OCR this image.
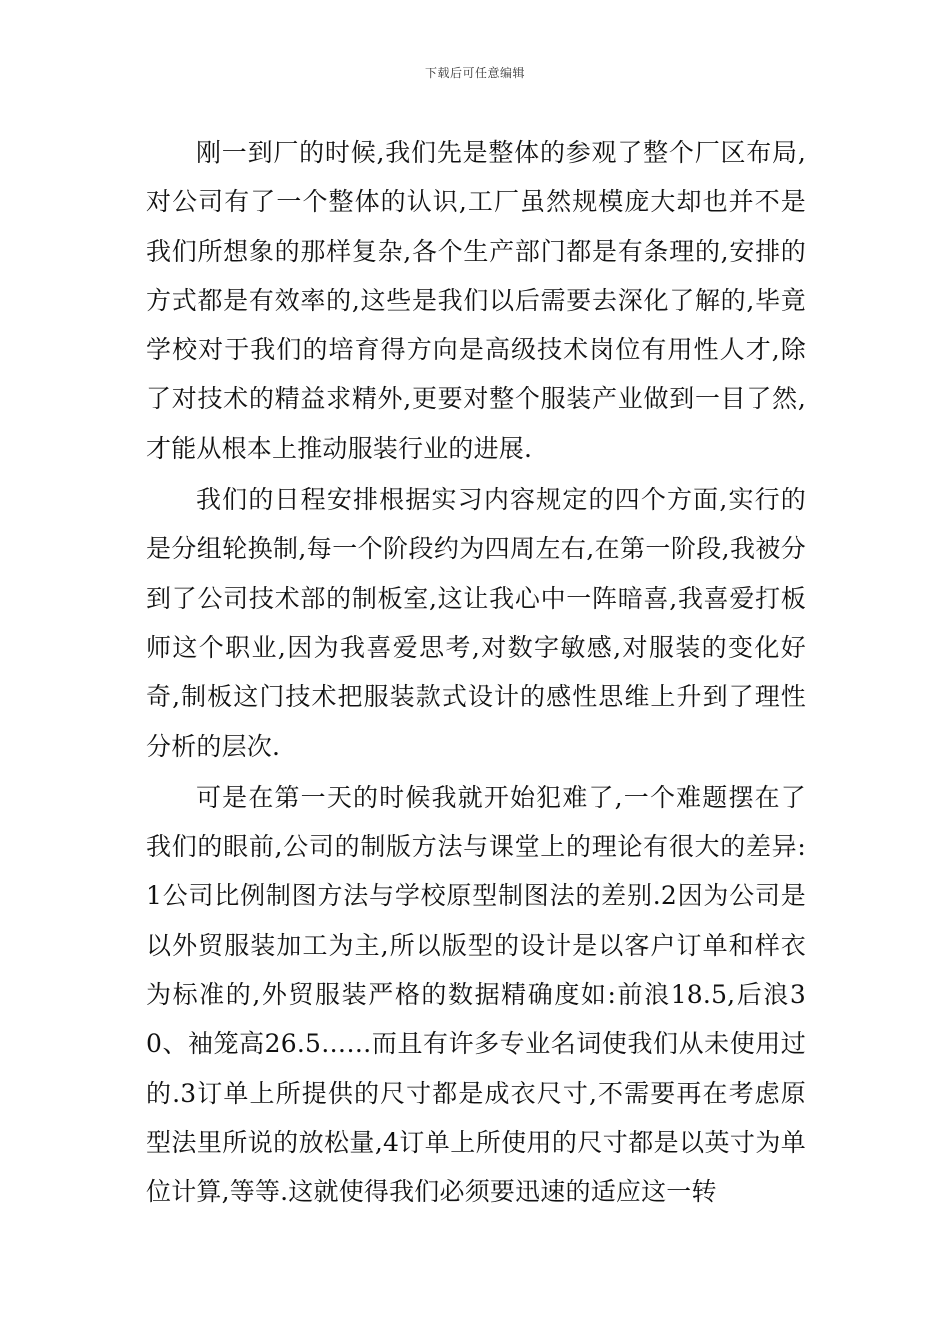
下载后可任意编辑

刚一到厂的时候,我们先是整体的参观了整个厂区布局,对公司有了一个整体的认识,工厂虽然规模庞大却也并不是我们所想象的那样复杂,各个生产部门都是有条理的,安排的方式都是有效率的,这些是我们以后需要去深化了解的,毕竟学校对于我们的培育得方向是高级技术岗位有用性人才,除了对技术的精益求精外,更要对整个服装产业做到一目了然,才能从根本上推动服装行业的进展.

我们的日程安排根据实习内容规定的四个方面,实行的是分组轮换制,每一个阶段约为四周左右,在第一阶段,我被分到了公司技术部的制板室,这让我心中一阵暗喜,我喜爱打板师这个职业,因为我喜爱思考,对数字敏感,对服装的变化好奇,制板这门技术把服装款式设计的感性思维上升到了理性分析的层次.

可是在第一天的时候我就开始犯难了,一个难题摆在了我们的眼前,公司的制版方法与课堂上的理论有很大的差异:1公司比例制图方法与学校原型制图法的差别.2因为公司是以外贸服装加工为主,所以版型的设计是以客户订单和样衣为标准的,外贸服装严格的数据精确度如:前浪18.5,后浪30、袖笼高26.5……而且有许多专业名词使我们从未使用过的.3订单上所提供的尺寸都是成衣尺寸,不需要再在考虑原型法里所说的放松量,4订单上所使用的尺寸都是以英寸为单位计算,等等.这就使得我们必须要迅速的适应这一转
